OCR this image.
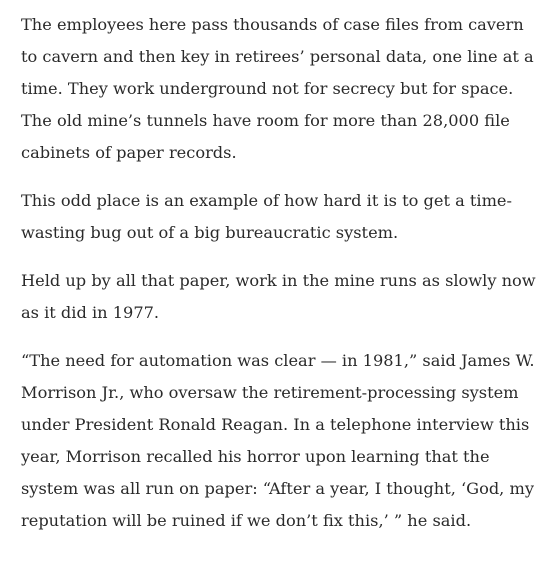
The employees here pass thousands of case files from cavern to cavern and then key in retirees’ personal data, one line at a time. They work underground not for secrecy but for space. The old mine’s tunnels have room for more than 28,000 file cabinets of paper records.

This odd place is an example of how hard it is to get a time-wasting bug out of a big bureaucratic system.

Held up by all that paper, work in the mine runs as slowly now as it did in 1977.

“The need for automation was clear — in 1981,” said James W. Morrison Jr., who oversaw the retirement-processing system under President Ronald Reagan. In a telephone interview this year, Morrison recalled his horror upon learning that the system was all run on paper: “After a year, I thought, ‘God, my reputation will be ruined if we don’t fix this,’ ” he said.
